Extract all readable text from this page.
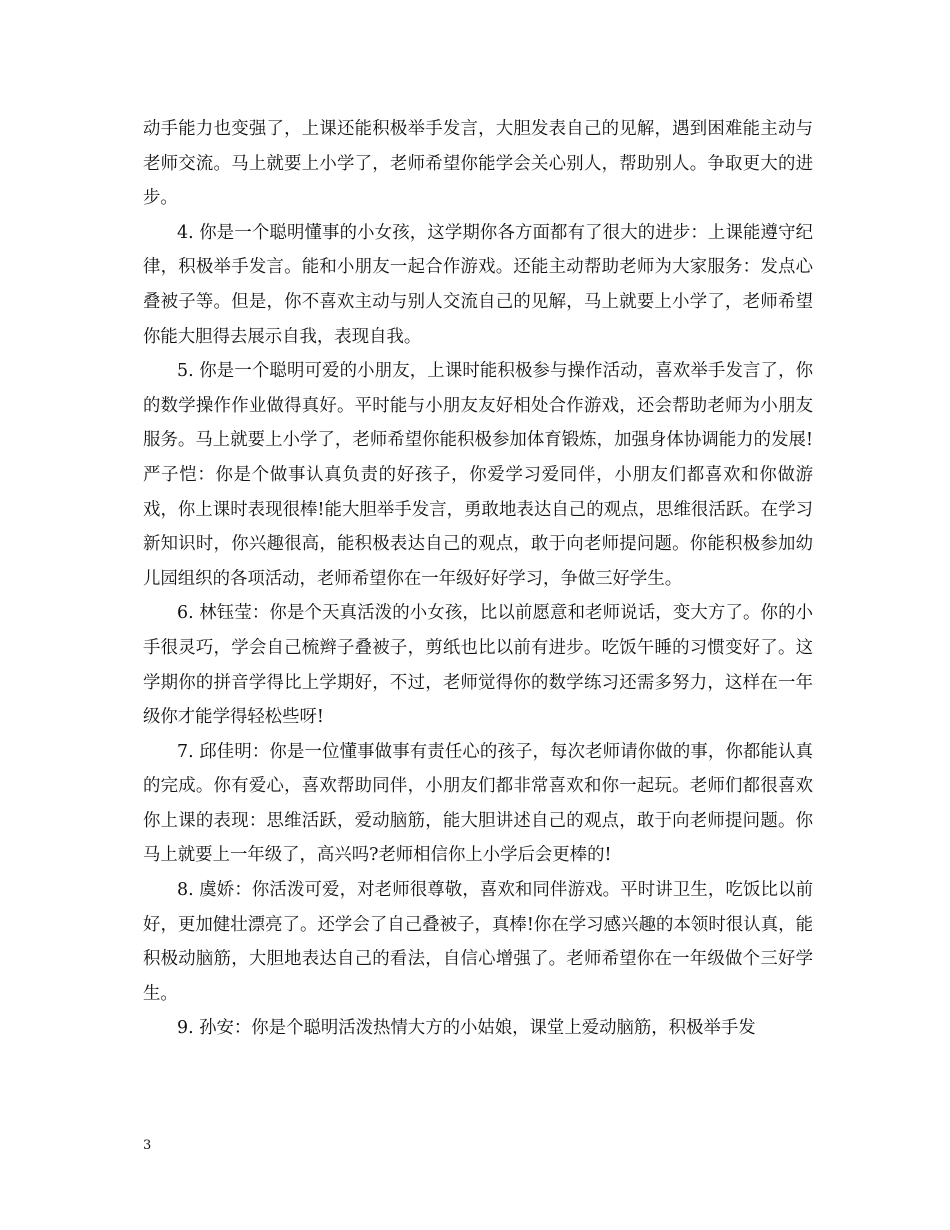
动手能力也变强了，上课还能积极举手发言，大胆发表自己的见解，遇到困难能主动与老师交流。马上就要上小学了，老师希望你能学会关心别人，帮助别人。争取更大的进步。

4. 你是一个聪明懂事的小女孩，这学期你各方面都有了很大的进步：上课能遵守纪律，积极举手发言。能和小朋友一起合作游戏。还能主动帮助老师为大家服务：发点心叠被子等。但是，你不喜欢主动与别人交流自己的见解，马上就要上小学了，老师希望你能大胆得去展示自我，表现自我。

5. 你是一个聪明可爱的小朋友，上课时能积极参与操作活动，喜欢举手发言了，你的数学操作作业做得真好。平时能与小朋友友好相处合作游戏，还会帮助老师为小朋友服务。马上就要上小学了，老师希望你能积极参加体育锻炼，加强身体协调能力的发展!严子恺：你是个做事认真负责的好孩子，你爱学习爱同伴，小朋友们都喜欢和你做游戏，你上课时表现很棒!能大胆举手发言，勇敢地表达自己的观点，思维很活跃。在学习新知识时，你兴趣很高，能积极表达自己的观点，敢于向老师提问题。你能积极参加幼儿园组织的各项活动，老师希望你在一年级好好学习，争做三好学生。

6. 林钰莹：你是个天真活泼的小女孩，比以前愿意和老师说话，变大方了。你的小手很灵巧，学会自己梳辫子叠被子，剪纸也比以前有进步。吃饭午睡的习惯变好了。这学期你的拼音学得比上学期好，不过，老师觉得你的数学练习还需多努力，这样在一年级你才能学得轻松些呀!

7. 邱佳明：你是一位懂事做事有责任心的孩子，每次老师请你做的事，你都能认真的完成。你有爱心，喜欢帮助同伴，小朋友们都非常喜欢和你一起玩。老师们都很喜欢你上课的表现：思维活跃，爱动脑筋，能大胆讲述自己的观点，敢于向老师提问题。你马上就要上一年级了，高兴吗?老师相信你上小学后会更棒的!

8. 虞娇：你活泼可爱，对老师很尊敬，喜欢和同伴游戏。平时讲卫生，吃饭比以前好，更加健壮漂亮了。还学会了自己叠被子，真棒!你在学习感兴趣的本领时很认真，能积极动脑筋，大胆地表达自己的看法，自信心增强了。老师希望你在一年级做个三好学生。

9. 孙安：你是个聪明活泼热情大方的小姑娘，课堂上爱动脑筋，积极举手发

3
